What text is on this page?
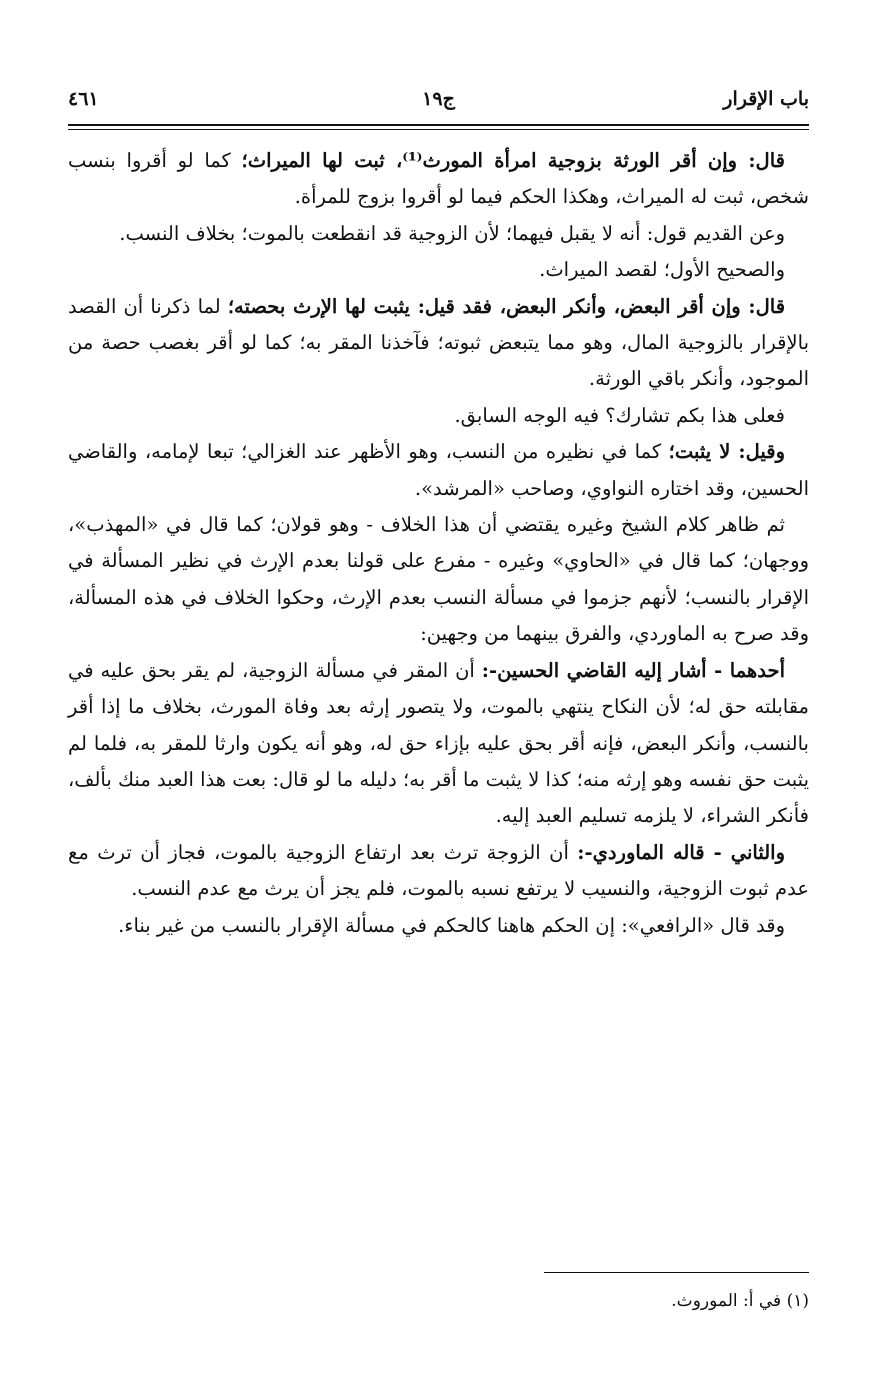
باب الإقرار
ج١٩
٤٦١

قال: وإن أقر الورثة بزوجية امرأة المورث⁽¹⁾، ثبت لها الميراث؛ كما لو أقروا بنسب شخص، ثبت له الميراث، وهكذا الحكم فيما لو أقروا بزوج للمرأة.

وعن القديم قول: أنه لا يقبل فيهما؛ لأن الزوجية قد انقطعت بالموت؛ بخلاف النسب.

والصحيح الأول؛ لقصد الميراث.

قال: وإن أقر البعض، وأنكر البعض، فقد قيل: يثبت لها الإرث بحصته؛ لما ذكرنا أن القصد بالإقرار بالزوجية المال، وهو مما يتبعض ثبوته؛ فآخذنا المقر به؛ كما لو أقر بغصب حصة من الموجود، وأنكر باقي الورثة.

فعلى هذا بكم تشارك؟ فيه الوجه السابق.

وقيل: لا يثبت؛ كما في نظيره من النسب، وهو الأظهر عند الغزالي؛ تبعا لإمامه، والقاضي الحسين، وقد اختاره النواوي، وصاحب «المرشد».

ثم ظاهر كلام الشيخ وغيره يقتضي أن هذا الخلاف - وهو قولان؛ كما قال في «المهذب»، ووجهان؛ كما قال في «الحاوي» وغيره - مفرع على قولنا بعدم الإرث في نظير المسألة في الإقرار بالنسب؛ لأنهم جزموا في مسألة النسب بعدم الإرث، وحكوا الخلاف في هذه المسألة، وقد صرح به الماوردي، والفرق بينهما من وجهين:

أحدهما - أشار إليه القاضي الحسين-: أن المقر في مسألة الزوجية، لم يقر بحق عليه في مقابلته حق له؛ لأن النكاح ينتهي بالموت، ولا يتصور إرثه بعد وفاة المورث، بخلاف ما إذا أقر بالنسب، وأنكر البعض، فإنه أقر بحق عليه بإزاء حق له، وهو أنه يكون وارثا للمقر به، فلما لم يثبت حق نفسه وهو إرثه منه؛ كذا لا يثبت ما أقر به؛ دليله ما لو قال: بعت هذا العبد منك بألف، فأنكر الشراء، لا يلزمه تسليم العبد إليه.

والثاني - قاله الماوردي-: أن الزوجة ترث بعد ارتفاع الزوجية بالموت، فجاز أن ترث مع عدم ثبوت الزوجية، والنسيب لا يرتفع نسبه بالموت، فلم يجز أن يرث مع عدم النسب.

وقد قال «الرافعي»: إن الحكم هاهنا كالحكم في مسألة الإقرار بالنسب من غير بناء.

(١) في أ: الموروث.
